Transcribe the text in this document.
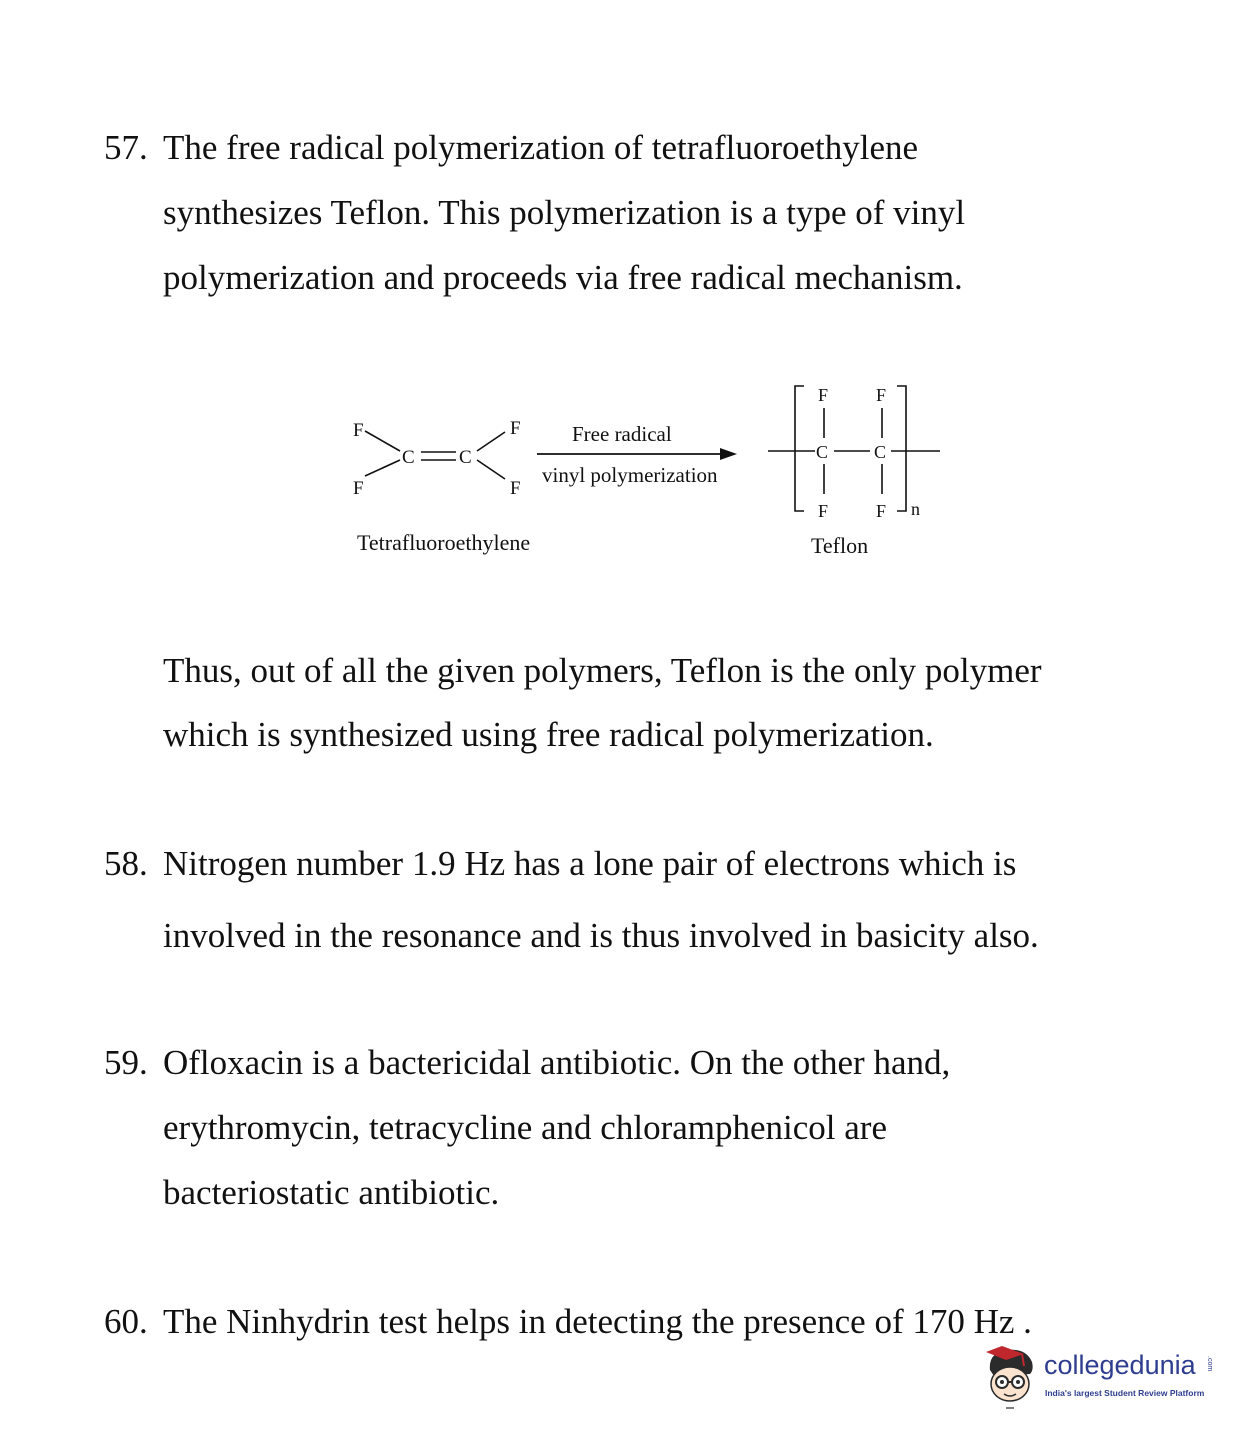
57. The free radical polymerization of tetrafluoroethylene
synthesizes Teflon. This polymerization is a type of vinyl
polymerization and proceeds via free radical mechanism.
F
F
C C
F
F
Free radical
vinyl polymerization
F	F
C	C
F	F n
Tetrafluoroethylene	Teflon
Thus, out of all the given polymers, Teflon is the only polymer
which is synthesized using free radical polymerization.
58. Nitrogen number 1.9 Hz has a lone pair of electrons which is
involved in the resonance and is thus involved in basicity also.
59. Ofloxacin is a bactericidal antibiotic. On the other hand,
erythromycin, tetracycline and chloramphenicol are
bacteriostatic antibiotic.
60. The Ninhydrin test helps in detecting the presence of 170 Hz .
collegedunia .com
India's largest Student Review Platform
